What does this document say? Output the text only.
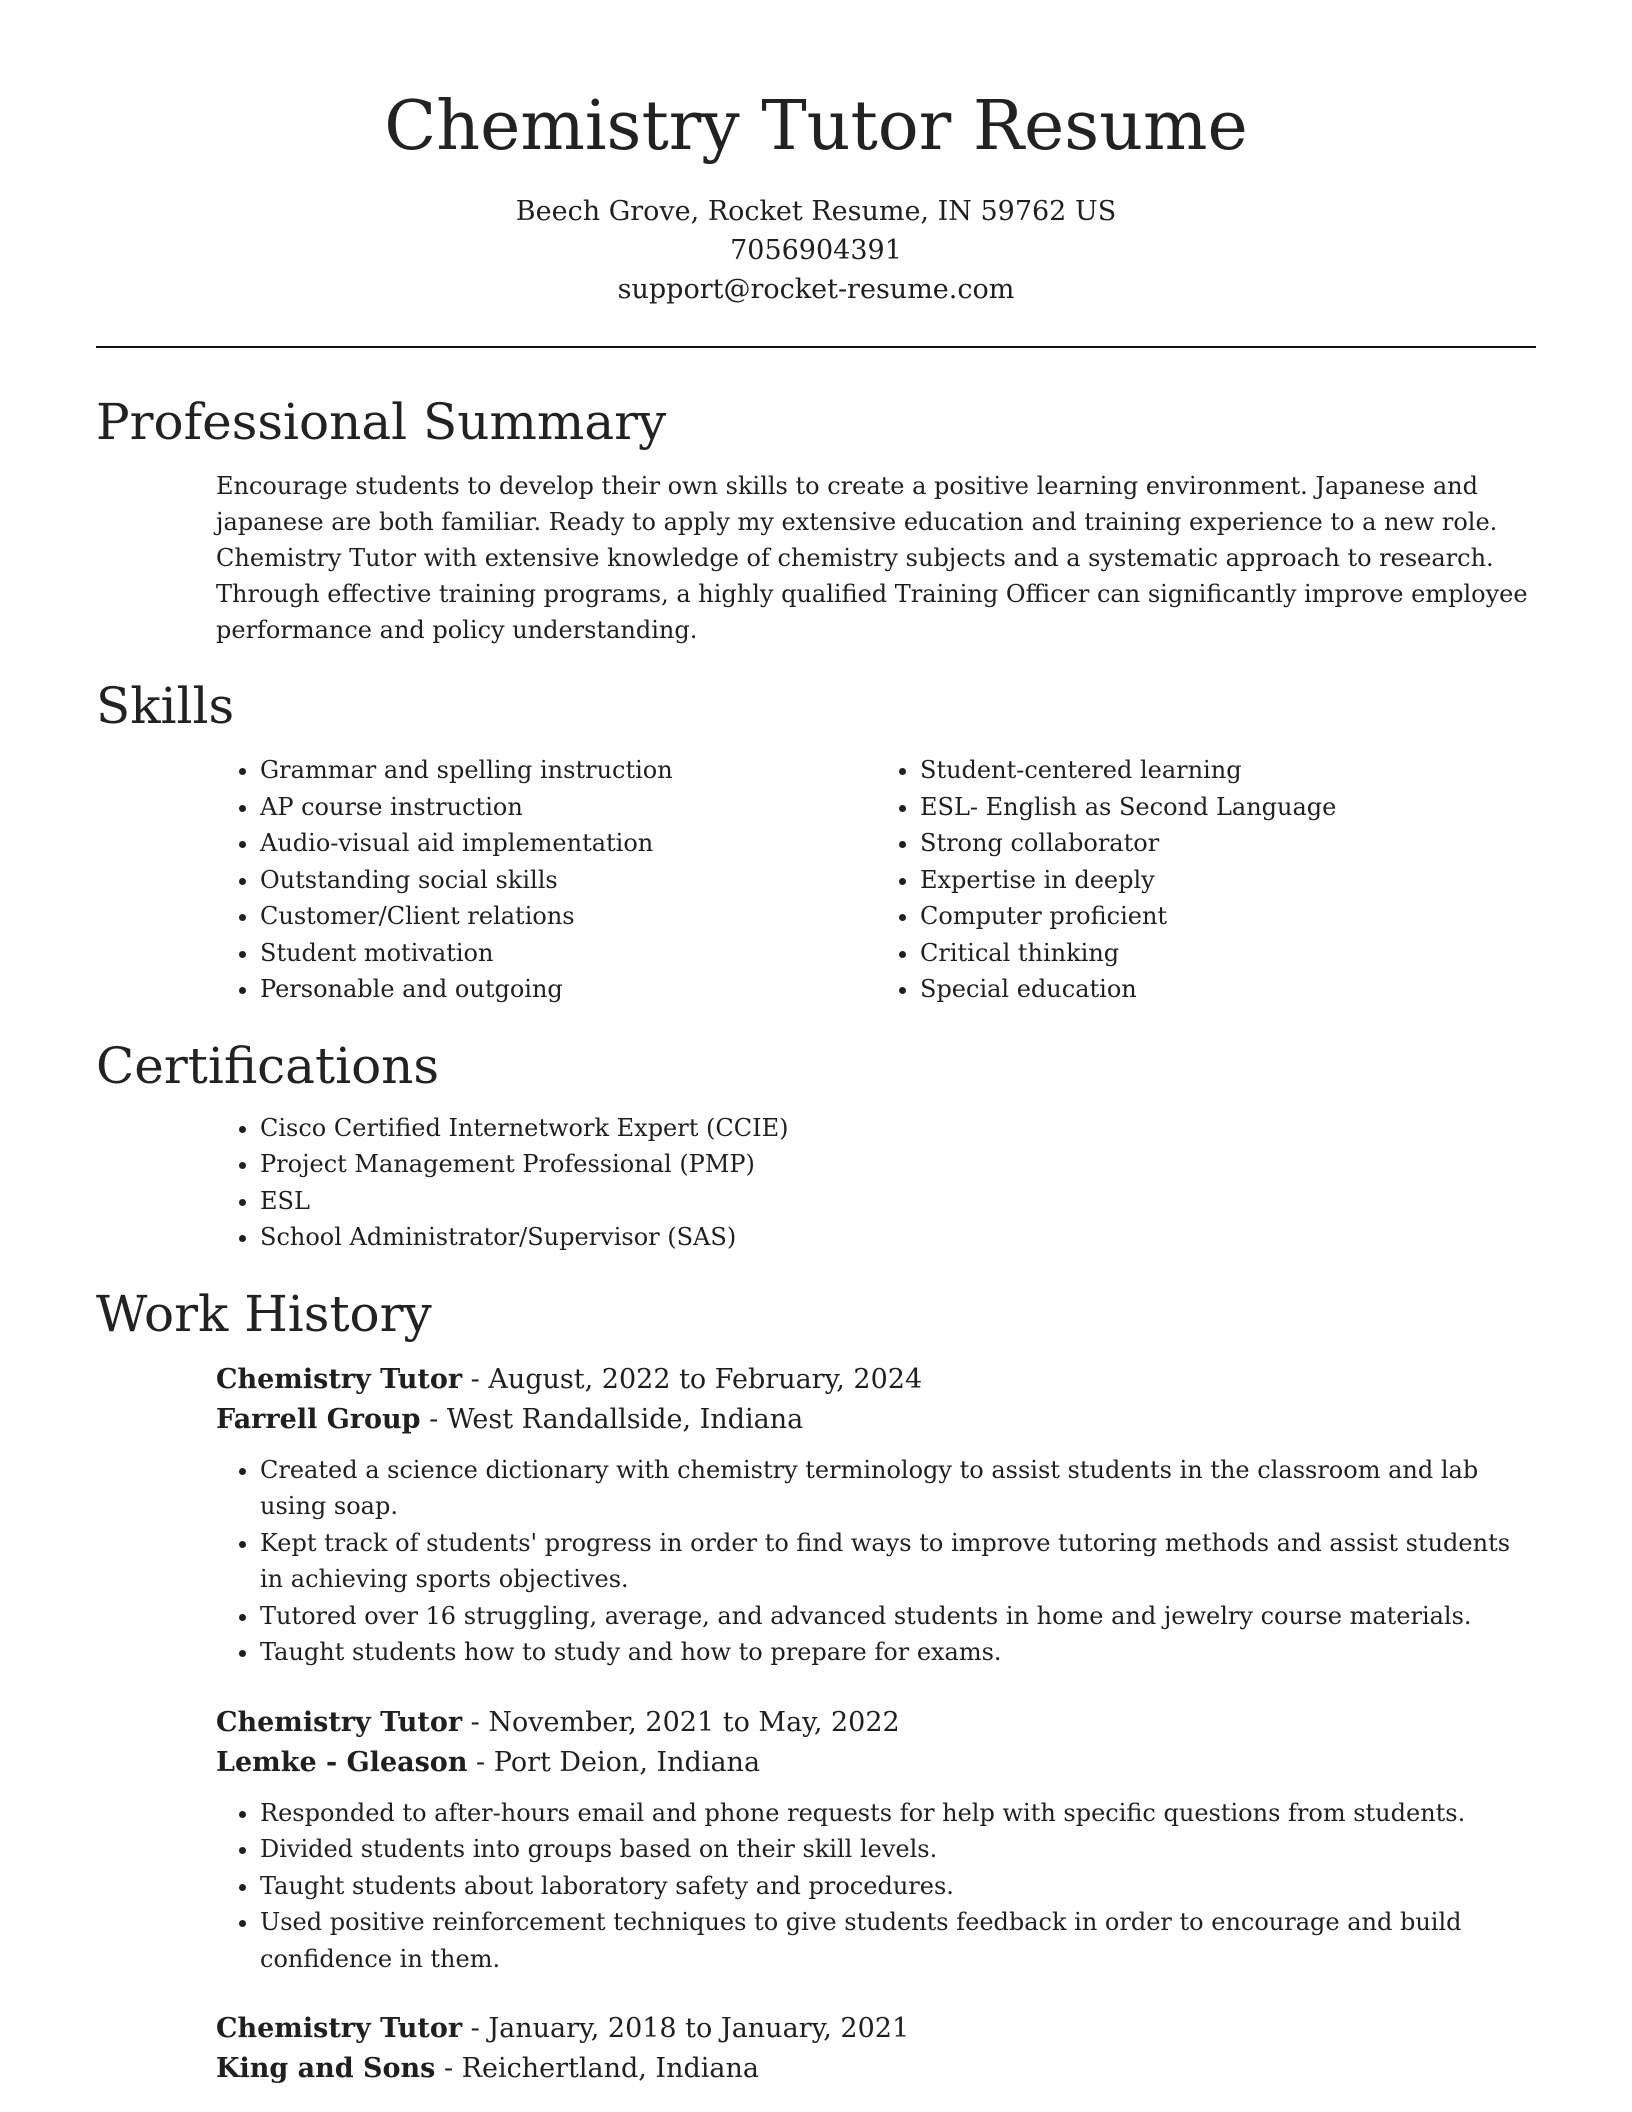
Chemistry Tutor Resume
Beech Grove, Rocket Resume, IN 59762 US
7056904391
support@rocket-resume.com
Professional Summary
Encourage students to develop their own skills to create a positive learning environment. Japanese and japanese are both familiar. Ready to apply my extensive education and training experience to a new role. Chemistry Tutor with extensive knowledge of chemistry subjects and a systematic approach to research. Through effective training programs, a highly qualified Training Officer can significantly improve employee performance and policy understanding.
Skills
• Grammar and spelling instruction
• AP course instruction
• Audio-visual aid implementation
• Outstanding social skills
• Customer/Client relations
• Student motivation
• Personable and outgoing
• Student-centered learning
• ESL- English as Second Language
• Strong collaborator
• Expertise in deeply
• Computer proficient
• Critical thinking
• Special education
Certifications
• Cisco Certified Internetwork Expert (CCIE)
• Project Management Professional (PMP)
• ESL
• School Administrator/Supervisor (SAS)
Work History

Chemistry Tutor - August, 2022 to February, 2024

Farrell Group - West Randallside, Indiana

• Created a science dictionary with chemistry terminology to assist students in the classroom and lab using soap.
• Kept track of students' progress in order to find ways to improve tutoring methods and assist students in achieving sports objectives.
• Tutored over 16 struggling, average, and advanced students in home and jewelry course materials.
• Taught students how to study and how to prepare for exams.

Chemistry Tutor - November, 2021 to May, 2022

Lemke - Gleason - Port Deion, Indiana

• Responded to after-hours email and phone requests for help with specific questions from students.
• Divided students into groups based on their skill levels.
• Taught students about laboratory safety and procedures.
• Used positive reinforcement techniques to give students feedback in order to encourage and build confidence in them.

Chemistry Tutor - January, 2018 to January, 2021

King and Sons - Reichertland, Indiana
